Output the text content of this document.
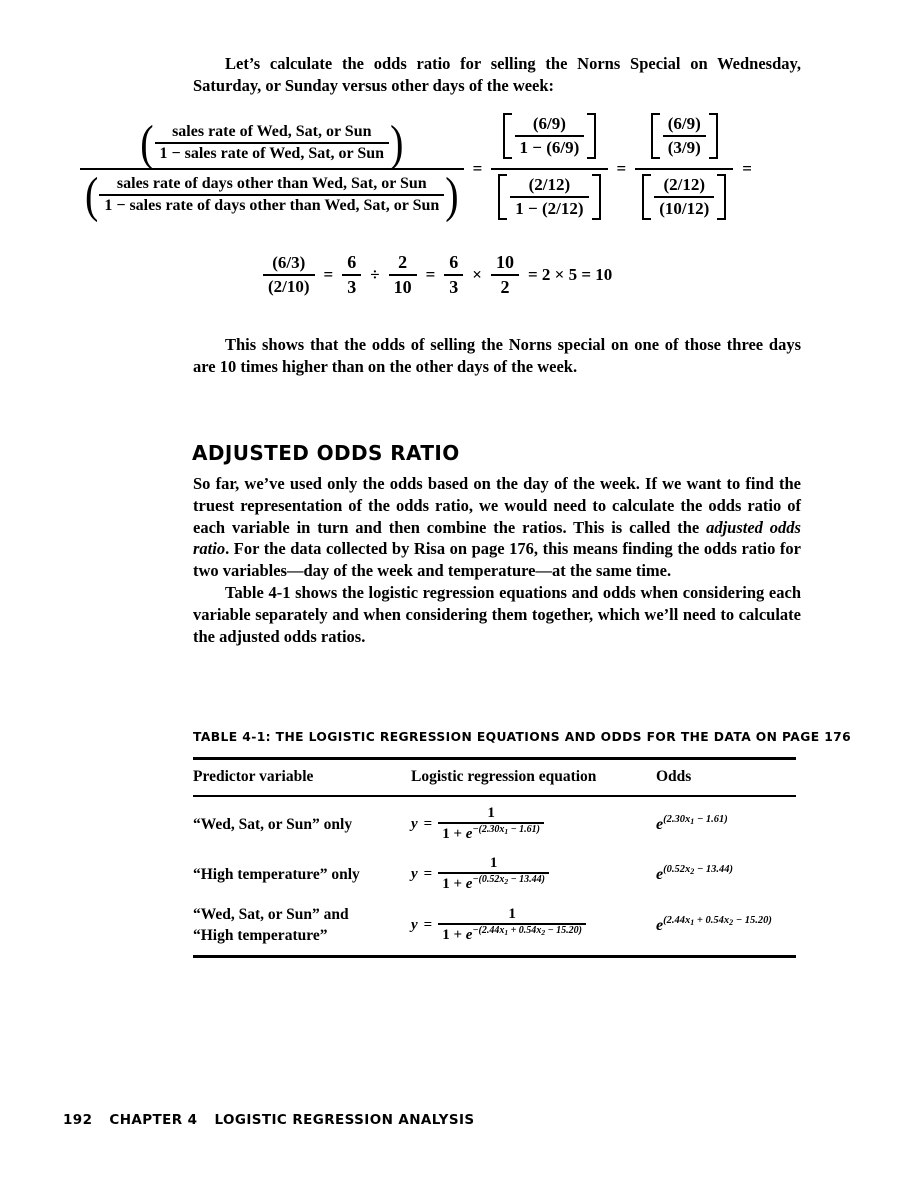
Let’s calculate the odds ratio for selling the Norns Special on Wednesday, Saturday, or Sunday versus other days of the week:

( $\frac{\text{sales rate of Wed, Sat, or Sun}}{\text{1 − sales rate of Wed, Sat, or Sun}}$
)
( $\frac{\text{sales rate of days other than Wed, Sat, or Sun}}{\text{1 − sales rate of days other than Wed, Sat, or Sun}}$
)
= $\frac{\frac{(6/9)}{1 - (6/9)}}{\frac{(2/12)}{1 - (2/12)}} = \frac{\frac{(6/9)}{(3/9)}}{\frac{(2/12)}{(10/12)}}$ =
$\frac{(6/3)}{(2/10)} = \frac{6}{3} \div \frac{2}{10} = \frac{6}{3} \times \frac{10}{2} = 2 \times 5 = 10$

This shows that the odds of selling the Norns special on one of those three days are 10 times higher than on the other days of the week.

ADJUSTED ODDS RATIO

So far, we’ve used only the odds based on the day of the week. If we want to find the truest representation of the odds ratio, we would need to calculate the odds ratio of each variable in turn and then combine the ratios. This is called the adjusted odds ratio. For the data collected by Risa on page 176, this means finding the odds ratio for two variables—day of the week and temperature—at the same time.

Table 4-1 shows the logistic regression equations and odds when considering each variable separately and when considering them together, which we’ll need to calculate the adjusted odds ratios.

TABLE 4-1: THE LOGISTIC REGRESSION EQUATIONS AND ODDS FOR THE DATA ON PAGE 176
Predictor variable	Logistic regression equation	Odds
“Wed, Sat, or Sun” only	$y = \frac{1}{1 + e^{-(2.30x_1 - 1.61)}}$	$e^{(2.30x_1 - 1.61)}$
“High temperature” only	$y = \frac{1}{1 + e^{-(0.52x_2 - 13.44)}}$	$e^{(0.52x_2 - 13.44)}$
“Wed, Sat, or Sun” and
“High temperature”
$y = \frac{1}{1 + e^{-(2.44x_1 + 0.54x_2 - 15.20)}}$	$e^{(2.44x_1 + 0.54x_2 - 15.20)}$
192 CHAPTER 4 LOGISTIC REGRESSION ANALYSIS
